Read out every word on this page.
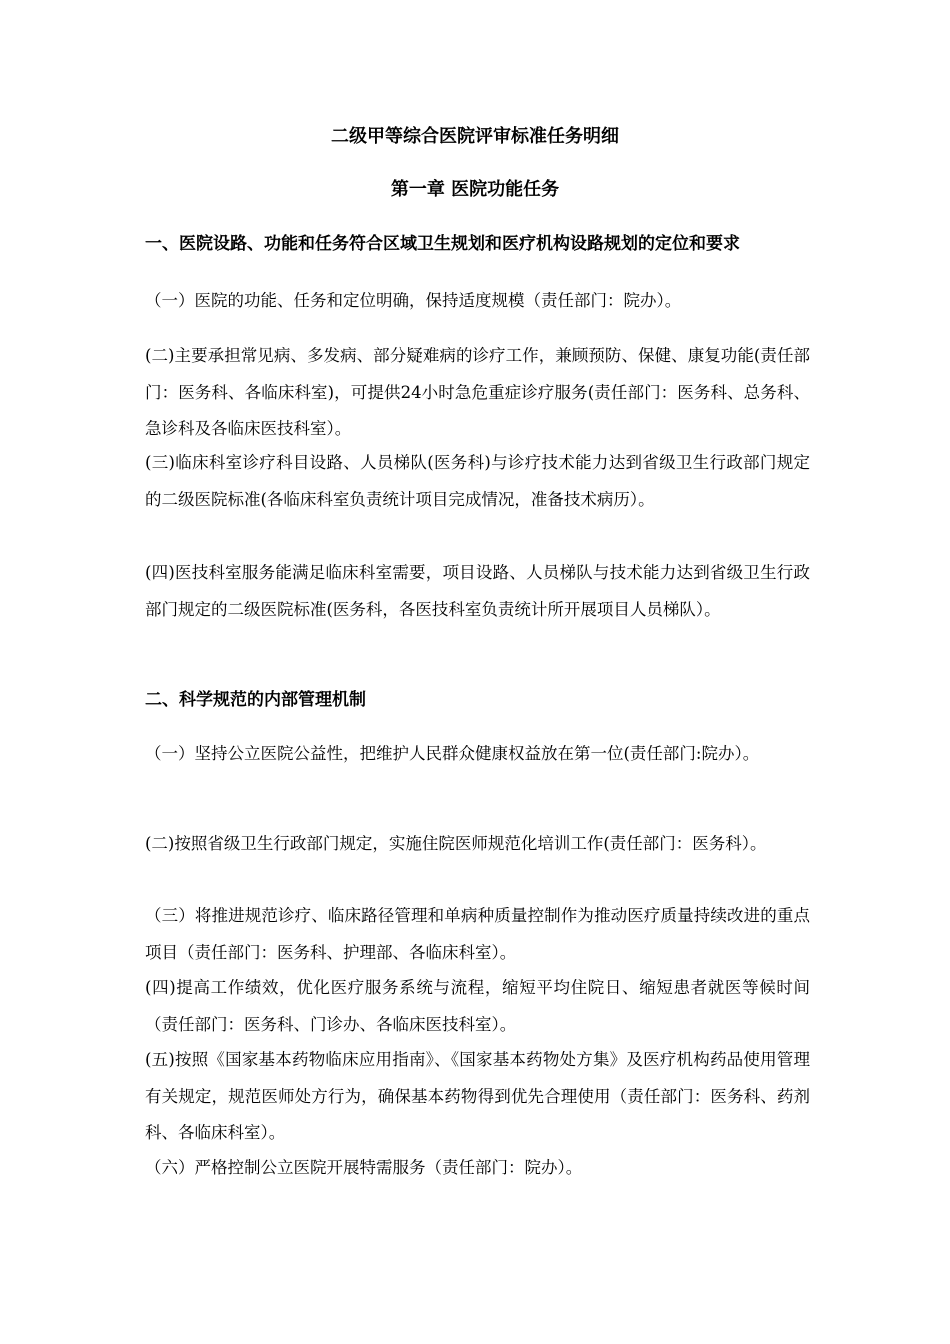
二级甲等综合医院评审标准任务明细
第一章 医院功能任务
一、医院设路、功能和任务符合区域卫生规划和医疗机构设路规划的定位和要求

（一）医院的功能、任务和定位明确，保持适度规模（责任部门：院办）。

(二)主要承担常见病、多发病、部分疑难病的诊疗工作，兼顾预防、保健、康复功能(责任部门：医务科、各临床科室)，可提供24小时急危重症诊疗服务(责任部门：医务科、总务科、急诊科及各临床医技科室）。

(三)临床科室诊疗科目设路、人员梯队(医务科)与诊疗技术能力达到省级卫生行政部门规定的二级医院标准(各临床科室负责统计项目完成情况，准备技术病历）。

(四)医技科室服务能满足临床科室需要，项目设路、人员梯队与技术能力达到省级卫生行政部门规定的二级医院标准(医务科，各医技科室负责统计所开展项目人员梯队）。

二、科学规范的内部管理机制

（一）坚持公立医院公益性，把维护人民群众健康权益放在第一位(责任部门:院办）。

(二)按照省级卫生行政部门规定，实施住院医师规范化培训工作(责任部门：医务科）。

（三）将推进规范诊疗、临床路径管理和单病种质量控制作为推动医疗质量持续改进的重点项目（责任部门：医务科、护理部、各临床科室）。

(四)提高工作绩效，优化医疗服务系统与流程，缩短平均住院日、缩短患者就医等候时间（责任部门：医务科、门诊办、各临床医技科室）。

(五)按照《国家基本药物临床应用指南》、《国家基本药物处方集》及医疗机构药品使用管理有关规定，规范医师处方行为，确保基本药物得到优先合理使用（责任部门：医务科、药剂科、各临床科室）。

（六）严格控制公立医院开展特需服务（责任部门：院办）。
